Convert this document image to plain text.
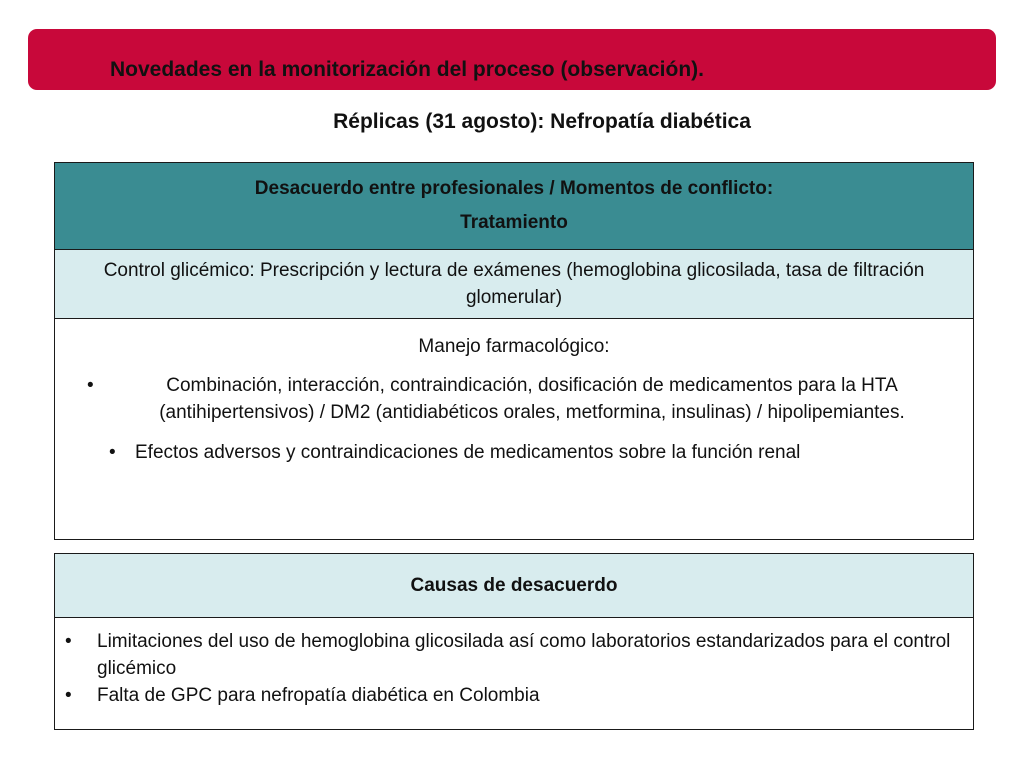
Novedades en la monitorización del proceso (observación).
Réplicas (31 agosto): Nefropatía diabética
Desacuerdo entre profesionales / Momentos de conflicto:
Tratamiento

Control glicémico: Prescripción y lectura de exámenes (hemoglobina glicosilada, tasa de filtración glomerular)

Manejo farmacológico:
•	Combinación, interacción, contraindicación, dosificación de medicamentos para la HTA (antihipertensivos) / DM2 (antidiabéticos orales, metformina, insulinas) / hipolipemiantes.
• Efectos adversos y contraindicaciones de medicamentos sobre la función renal
Causas de desacuerdo

• Limitaciones del uso de hemoglobina glicosilada así como laboratorios estandarizados para el control glicémico
• Falta de GPC para nefropatía diabética en Colombia
